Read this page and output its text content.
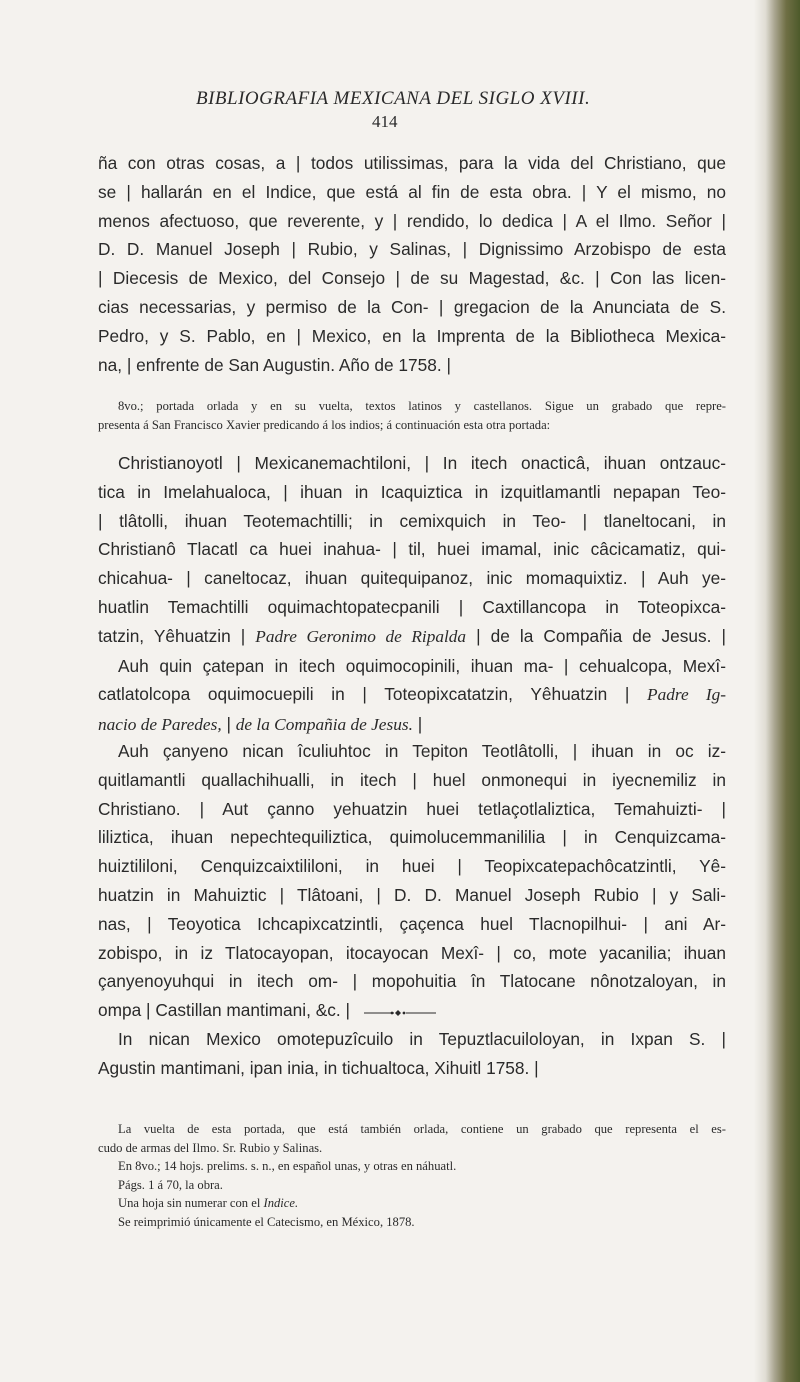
BIBLIOGRAFIA MEXICANA DEL SIGLO XVIII.
414
ña con otras cosas, a | todos utilissimas, para la vida del Christiano, que
se | hallarán en el Indice, que está al fin de esta obra. | Y el mismo, no
menos afectuoso, que reverente, y | rendido, lo dedica | A el Ilmo. Señor |
D. D. Manuel Joseph | Rubio, y Salinas, | Dignissimo Arzobispo de esta
| Diecesis de Mexico, del Consejo | de su Magestad, &c. | Con las licen-
cias necessarias, y permiso de la Con- | gregacion de la Anunciata de S.
Pedro, y S. Pablo, en | Mexico, en la Imprenta de la Bibliotheca Mexica-
na, | enfrente de San Augustin. Año de 1758. |
8vo.; portada orlada y en su vuelta, textos latinos y castellanos. Sigue un grabado que repre-
presenta á San Francisco Xavier predicando á los indios; á continuación esta otra portada:
Christianoyotl | Mexicanemachtiloni, | In itech onacticâ, ihuan ontzauc-
tica in Imelahualoca, | ihuan in Icaquiztica in izquitlamantli nepapan Teo-
| tlâtolli, ihuan Teotemachtilli; in cemixquich in Teo- | tlaneltocani, in
Christianô Tlacatl ca huei inahua- | til, huei imamal, inic câcicamatiz, qui-
chicahua- | caneltocaz, ihuan quitequipanoz, inic momaquixtiz. | Auh ye-
huatlin Temachtilli oquimachtopatecpanili | Caxtillancopa in Toteopixca-
tatzin, Yêhuatzin | Padre Geronimo de Ripalda | de la Compañia de Jesus. |
Auh quin çatepan in itech oquimocopinili, ihuan ma- | cehualcopa, Mexî-
catlatolcopa oquimocuepili in | Toteopixcatatzin, Yêhuatzin | Padre Ig-
nacio de Paredes, | de la Compañia de Jesus. |
Auh çanyeno nican îculiuhtoc in Tepiton Teotlâtolli, | ihuan in oc iz-
quitlamantli quallachihualli, in itech | huel onmonequi in iyecnemiliz in
Christiano. | Aut çanno yehuatzin huei tetlaçotlaliztica, Temahuizti- |
liliztica, ihuan nepechtequiliztica, quimolucemmanililia | in Cenquizcama-
huiztililoni, Cenquizcaixtililoni, in huei | Teopixcatepachôcatzintli, Yê-
huatzin in Mahuiztic | Tlâtoani, | D. D. Manuel Joseph Rubio | y Sali-
nas, | Teoyotica Ichcapixcatzintli, çaçenca huel Tlacnopilhui- | ani Ar-
zobispo, in iz Tlatocayopan, itocayocan Mexî- | co, mote yacanilia; ihuan
çanyenoyuhqui in itech om- | mopohuitia în Tlatocane nônotzaloyan, in
ompa | Castillan mantimani, &c. |
In nican Mexico omotepuzîcuilo in Tepuztlacuiloloyan, in Ixpan S. |
Agustin mantimani, ipan inia, in tichualtoca, Xihuitl 1758. |
La vuelta de esta portada, que está también orlada, contiene un grabado que representa el es-
cudo de armas del Ilmo. Sr. Rubio y Salinas.
En 8vo.; 14 hojs. prelims. s. n., en español unas, y otras en náhuatl.
Págs. 1 á 70, la obra.
Una hoja sin numerar con el Indice.
Se reimprimió únicamente el Catecismo, en México, 1878.
